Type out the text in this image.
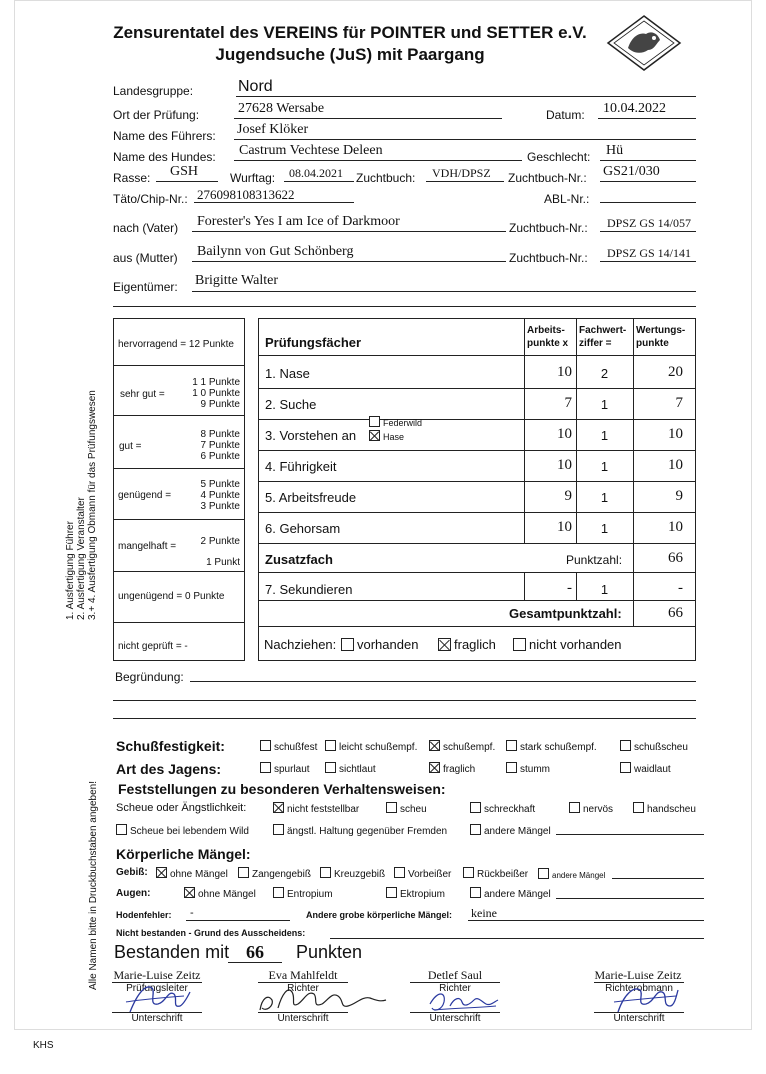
Zensurentatel des VEREINS für POINTER und SETTER e.V.
Jugendsuche (JuS) mit Paargang
Landesgruppe:	Nord
Ort der Prüfung:	27628 Wersabe	Datum: 10.04.2022
Name des Führers: Josef Klöker
Name des Hundes: Castrum Vechtese Deleen	Geschlecht: Hü
Rasse: GSH	Wurftag: 08.04.2021 Zuchtbuch: VDH/DPSZ Zuchtbuch-Nr.: GS21/030
Täto/Chip-Nr.: 276098108313622	ABL-Nr.:
nach (Vater) Forester's Yes I am Ice of Darkmoor	Zuchtbuch-Nr.: DPSZ GS 14/057
aus (Mutter) Bailynn von Gut Schönberg	Zuchtbuch-Nr.: DPSZ GS 14/141
Eigentümer: Brigitte Walter
hervorragend = 12 Punkte
sehr gut =
1 1 Punkte
1 0 Punkte
9 Punkte
gut =
8 Punkte
7 Punkte
6 Punkte
genügend =
5 Punkte
4 Punkte
3 Punkte
mangelhaft =	2 Punkte
1 Punkt
ungenügend = 0 Punkte
nicht geprüft = -
Prüfungsfächer
Arbeits-
punkte x
Fachwert-
ziffer =
Wertungs-
punkte
1. Nase	10	2	20
2. Suche	7	1	7
3. Vorstehen an
Federwild
Hase	10	1	10
4. Führigkeit	10	1	10
5. Arbeitsfreude	9	1	9
6. Gehorsam	10	1	10
Zusatzfach	Punktzahl:	66
7. Sekundieren	-	1	-
Gesamtpunktzahl:	66
Nachziehen:	vorhanden	fraglich	nicht vorhanden
1. Ausfertigung Führer 2. Ausfertigung Veranstalter 3.+ 4. Ausfertigung Obmann für das Prüfungswesen
Alle Namen bitte in Druckbuchstaben angeben!
Begründung:
Schußfestigkeit:	schußfest	leicht schußempf.	schußempf.	stark schußempf.	schußscheu
Art des Jagens:	spurlaut	sichtlaut	fraglich	stumm	waidlaut
Feststellungen zu besonderen Verhaltensweisen:
Scheue oder Ängstlichkeit:	nicht feststellbar	scheu	schreckhaft	nervös	handscheu
Scheue bei lebendem Wild	ängstl. Haltung gegenüber Fremden	andere Mängel
Körperliche Mängel:
Gebiß:	ohne Mängel	Zangengebiß	Kreuzgebiß	Vorbeißer	Rückbeißer	andere Mängel
Augen:	ohne Mängel	Entropium	Ektropium	andere Mängel
Hodenfehler: -	Andere grobe körperliche Mängel: keine
Nicht bestanden - Grund des Ausscheidens:
Bestanden mit 66	Punkten
Marie-Luise Zeitz
Prüfungsleiter
Unterschrift
Eva Mahlfeldt
Richter
Unterschrift
Detlef Saul
Richter
Unterschrift
Marie-Luise Zeitz
Richterobmann
Unterschrift
KHS
